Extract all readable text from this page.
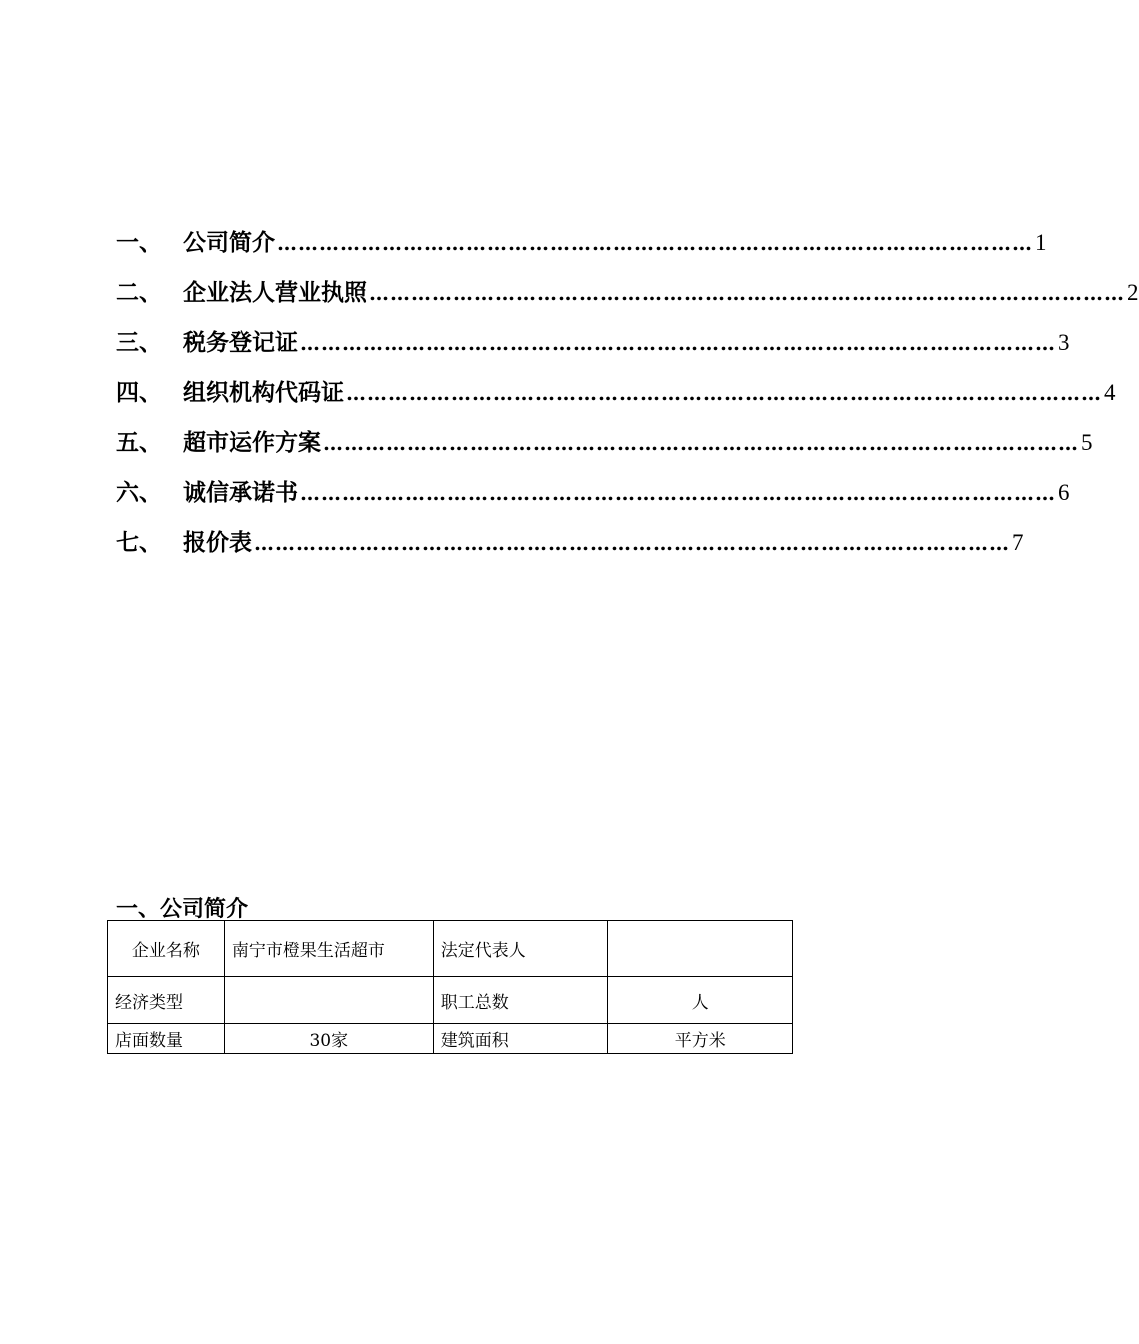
一、 公司简介 ……………………………………………………………………………………………… 1
二、 企业法人营业执照 ……………………………………………………………………………………………… 2
三、 税务登记证 ……………………………………………………………………………………………… 3
四、 组织机构代码证 ……………………………………………………………………………………………… 4
五、 超市运作方案 ……………………………………………………………………………………………… 5
六、 诚信承诺书 ……………………………………………………………………………………………… 6
七、 报价表 ……………………………………………………………………………………………… 7
一、公司简介
企业名称	南宁市橙果生活超市	法定代表人	
经济类型		职工总数	人
店面数量	30家	建筑面积	平方米
